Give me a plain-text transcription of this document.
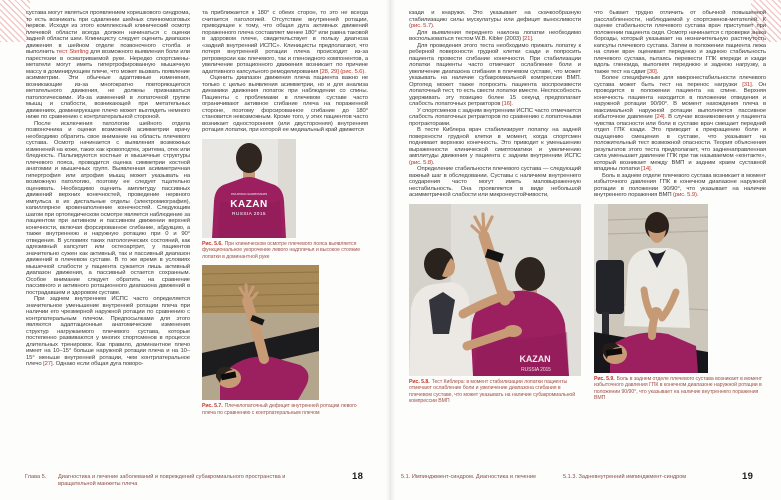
сустава могут являться проявлением корешкового синдрома, то есть возникать при сдавлении шейных спинномозговых нервов. Исходя из этого комплексный клинический осмотр плечевой области всегда должен начинаться с оценки задней области шеи. Клиницисту следует оценить диапазон движения в шейном отделе позвоночного столба и выполнить тест Sterling для возможного выявления боли или парестезии в осматриваемой руке. Нередко спортсмены-метатели могут иметь гипертрофированную мышечную массу в доминирующем плече, что может вызвать появление асимметрии. Эти обычные адаптивные изменения, возникающие из-за многократно повторяющегося метательного движения, не должны признаваться патологическими. Из-за изменений в лопаточной группе мышц и слабости, возникающей при метательных движениях, доминирующее плечо может выглядеть немного ниже по сравнению с контрлатеральной стороной.

После исключения патологии шейного отдела позвоночника и оценки возможной асимметрии врачу необходимо обратить свое внимание на область плечевого сустава. Осмотр начинается с выявления возможных изменений на коже, таких как кровоподтек, эритема, отек или бледность. Пальпируются костные и мышечные структуры плечевого пояса, проводится оценка симметрии костной анатомии и мышечных групп. Выявленная асимметричная гипертрофия или атрофия мышц может указывать на возможную патологию, поэтому ее следует тщательно оценивать. Необходимо оценить амплитуду пассивных движений верхних конечностей, проведение нервного импульса в их дистальные отделы (электромиография), капиллярное кровенаполнение конечностей. Следующим шагом при ортопедическом осмотре является наблюдение за пациентом при активном и пассивном движении верхней конечности, включая форсированное сгибание, абдукцию, а также внутреннюю и наружную ротацию при 0 и 90° отведения. В условиях таких патологических состояний, как адгезивный капсулит или остеоартрит, у пациентов значительно сужен как активный, так и пассивный диапазон движений в плечевом суставе. В то же время в условиях мышечной слабости у пациента сужается лишь активный диапазон движения, а пассивный остается сохранным. Особое внимание следует обратить на сравнение пассивного и активного ротационного диапазона движений в пострадавшем и здоровом суставе.

При заднем внутреннем ИСПС часто определяется значительное уменьшение внутренней ротации плеча при наличии его чрезмерной наружной ротации по сравнению с контрлатеральным плечом. Предпосылками для этого являются адаптационные анатомические изменения структур нагружаемого плечевого сустава, которые постепенно развиваются у многих спортсменов в процессе длительных тренировок. Как правило, доминантное плечо имеет на 10–15° больше наружной ротации плеча и на 10–15° меньше внутренней ротации, чем контрлатеральное плечо [27]. Однако если общая дуга поворо-

та приближается к 180° с обеих сторон, то это не всегда считается патологией. Отсутствие внутренней ротации, приводящее к тому, что общая дуга активных движений пораженного плеча составляет менее 180° или равна таковой в здоровом плече, свидетельствует в пользу диагноза «задний внутренний ИСПС». Клиницисты предполагают, что потеря внутренней ротации плеча происходит из-за ретроверсии как плечевого, так и гленоидного компонентов, а увеличение ротационного движения возникает по причине адаптивного капсульного ремоделирования [28, 29] (рис. 5.6).

Оценить диапазон движения плеча пациента важно не только с целью выявления асимметрии, но и для анализа динамики движения лопаток при наблюдении со спины. Пациенты с проблемами в плечевом суставе часто ограничивают активное сгибание плеча на пораженной стороне, поэтому форсированное сгибание до 180° становится невозможным. Кроме того, у этих пациентов часто возникает односторонняя (или двусторонняя) внутренняя ротация лопатки, при которой ее медиальный край движется

FINA WORLD CHAMPIONSHIPS
KAZAN
RUSSIA 2015
Рис. 5.6. При клиническом осмотре плечевого пояса выявляется функциональное укорочение левого надплечья и высокое стояние лопатки в доминантной руке
Рис. 5.7. Плечелопаточный дефицит внутренней ротации левого плеча по сравнению с контрлатеральным плечом
Глава 5. Диагностика и лечение заболеваний и повреждений субакромиального пространства и вращательной манжеты плеча
18

кзади и кнаружи. Это указывает на скачкообразную стабилизацию силы мускулатуры или дефицит выносливости (рис. 5.7).

Для выявления переднего наклона лопатки необходимо воспользоваться тестом W.B. Kibler (2003) [21].

Для проведения этого теста необходимо прижать лопатку к реберной поверхности грудной клетки сзади и попросить пациента провести сгибание конечности. При стабилизации лопатки пациенты часто отмечают ослабление боли и увеличение диапазона сгибания в плечевом суставе, что может указывать на наличие субакромиальной компрессии ВМП. Ортопед может также попросить пациента воспроизвести лопаточный тест, то есть свести лопатки вместе. Неспособность удерживать эту позицию более 15 секунд предполагает слабость лопаточных ретракторов [16].

У спортсменов с задним внутренним ИСПС часто отмечается слабость лопаточных ретракторов по сравнению с лопаточными протракторами.

В тесте Киблера врач стабилизирует лопатку на задней поверхности грудной клетки в момент, когда спортсмен поднимает верхнюю конечность. Это приводит к уменьшению выраженности клинической симптоматики и увеличению амплитуды движения у пациента с задним внутренним ИСПС (рис. 5.8).

Определение стабильности плечевого сустава — следующий важный шаг в обследовании. Суставы с наличием внутреннего соударения часто могут иметь маловыраженную нестабильность. Она проявляется в виде небольшой асимметричной слабости или микронеустойчивости,

KAZAN
RUSSIA 2015
Рис. 5.8. Тест Киблера: в момент стабилизации лопатки пациенты отмечают ослабление боли и увеличение диапазона сгибания в плечевом суставе, что может указывать на наличие субакромиальной компрессии ВМП

что бывает трудно отличить от обычной повышенной расслабленности, наблюдаемой у спортсменов-метателей. К оценке стабильности плечевого сустава врач приступает при положении пациента сидя. Осмотр начинается с проверки знака борозды, который указывает на незначительную растянутость капсулы плечевого сустава. Затем в положении пациента лежа на спине врач оценивает переднюю и заднюю стабильность плечевого сустава, пытаясь перевести ГПК кпереди и кзади вдоль гленоида, выполняя переднюю и заднюю нагрузку, а также тест на сдвиг [30].

Более специфичным для микронестабильности плечевого сустава может быть тест на перенос нагрузки [31]. Он проводится в положении пациента на спине. Верхняя конечность пациента находится в положении отведения и наружной ротации 90/90°. В момент нахождения плеча в максимальной наружной ротации выполняется пассивное избыточное давление [24]. В случае возникновения у пациента чувства опасности или боли в суставе врач смещает передний отдел ГПК кзади. Это приводит к прекращению боли и ощущению смещения в суставе, что указывает на положительный тест возможной опасности. Теория объяснения результатов этого теста предполагает, что задненаправленная сила уменьшает давление ГПК при так называемом «контакте», который возникает между ВМП и задним краем суставной впадины лопатки [14].

Боль в заднем отделе плечевого сустава возникает в момент избыточного давления ГПК в конечном диапазоне наружной ротации в положении 90/90°, что указывает на наличие внутреннего поражения ВМП (рис. 5.9).

Рис. 5.9. Боль в заднем отделе плечевого сустава возникает в момент избыточного давления ГПК в конечном диапазоне наружной ротации в положении 90/90°, что указывает на наличие внутреннего поражения ВМП
5.1. Импинджмент-синдром. Диагностика и лечение	5.1.3. Задневнутренний импинджмент-синдром	19
